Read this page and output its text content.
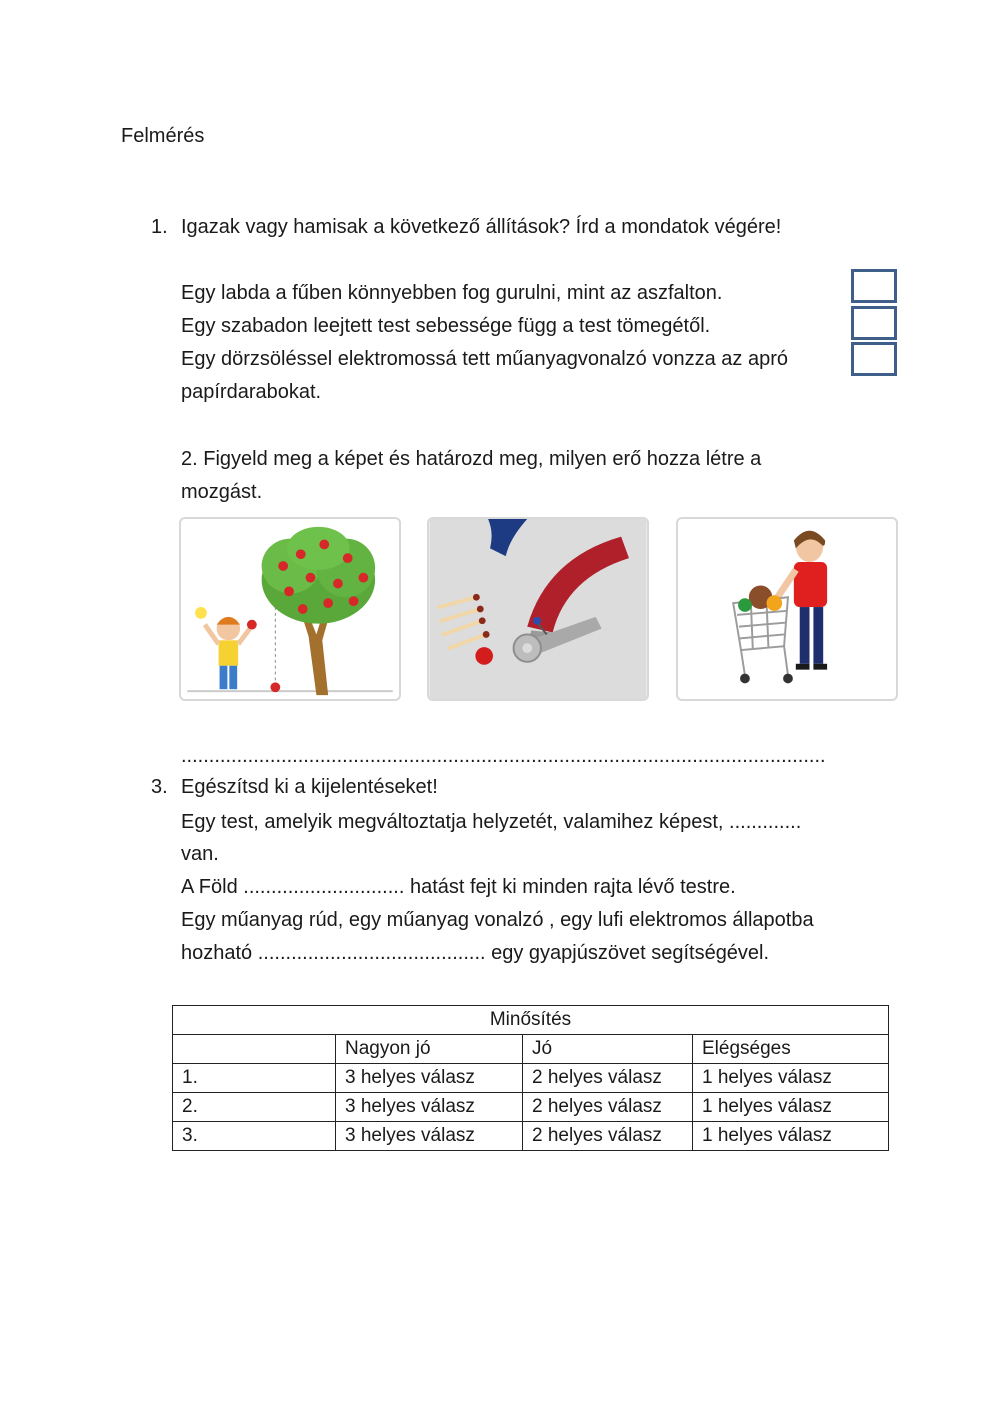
Felmérés
1. Igazak vagy hamisak a következő állítások? Írd a mondatok végére!
Egy labda a fűben könnyebben fog gurulni, mint az aszfalton.
Egy szabadon leejtett test sebessége függ a test tömegétől.
Egy dörzsöléssel elektromossá tett műanyagvonalzó vonzza az apró
papírdarabokat.
2. Figyeld meg a képet és határozd meg, milyen erő hozza létre a
mozgást.
....................................................................................................................
3. Egészítsd ki a kijelentéseket!
Egy test, amelyik megváltoztatja helyzetét, valamihez képest, .............
van.
A Föld ............................. hatást fejt ki minden rajta lévő testre.
Egy műanyag rúd, egy műanyag vonalzó , egy lufi elektromos állapotba
hozható ......................................... egy gyapjúszövet segítségével.
Minősítés			
	Nagyon jó	Jó	Elégséges
1.	3 helyes válasz	2 helyes válasz	1 helyes válasz
2.	3 helyes válasz	2 helyes válasz	1 helyes válasz
3.	3 helyes válasz	2 helyes válasz	1 helyes válasz
